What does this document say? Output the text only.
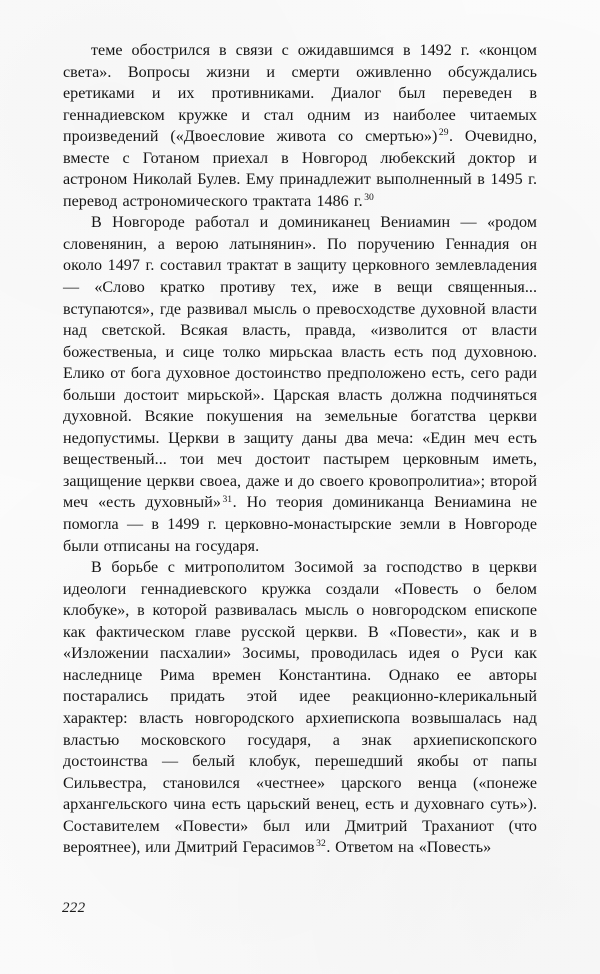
теме обострился в связи с ожидавшимся в 1492 г. «концом света». Вопросы жизни и смерти оживленно обсуждались еретиками и их противниками. Диалог был переведен в геннадиевском кружке и стал одним из наиболее читаемых произведений («Двоесловие живота со смертью») $^{29}$. Очевидно, вместе с Готаном приехал в Новгород любекский доктор и астроном Николай Булев. Ему принадлежит выполненный в 1495 г. перевод астрономического трактата 1486 г. $^{30}$

В Новгороде работал и доминиканец Вениамин — «родом словенянин, а верою латынянин». По поручению Геннадия он около 1497 г. составил трактат в защиту церковного землевладения — «Слово кратко противу тех, иже в вещи священныя... вступаются», где развивал мысль о превосходстве духовной власти над светской. Всякая власть, правда, «изволится от власти божественыа, и сице толко мирьскаа власть есть под духовною. Елико от бога духовное достоинство предположено есть, сего ради больши достоит мирьской». Царская власть должна подчиняться духовной. Всякие покушения на земельные богатства церкви недопустимы. Церкви в защиту даны два меча: «Един меч есть вещественый... тои меч достоит пастырем церковным иметь, защищение церкви своеа, даже и до своего кровопролитиа»; второй меч «есть духовный» $^{31}$. Но теория доминиканца Вениамина не помогла — в 1499 г. церковно-монастырские земли в Новгороде были отписаны на государя.

В борьбе с митрополитом Зосимой за господство в церкви идеологи геннадиевского кружка создали «Повесть о белом клобуке», в которой развивалась мысль о новгородском епископе как фактическом главе русской церкви. В «Повести», как и в «Изложении пасхалии» Зосимы, проводилась идея о Руси как наследнице Рима времен Константина. Однако ее авторы постарались придать этой идее реакционно-клерикальный характер: власть новгородского архиепископа возвышалась над властью московского государя, а знак архиепископского достоинства — белый клобук, перешедший якобы от папы Сильвестра, становился «честнее» царского венца («понеже архангельского чина есть царьский венец, есть и духовнаго суть»). Составителем «Повести» был или Дмитрий Траханиот (что вероятнее), или Дмитрий Герасимов $^{32}$. Ответом на «Повесть»

222
